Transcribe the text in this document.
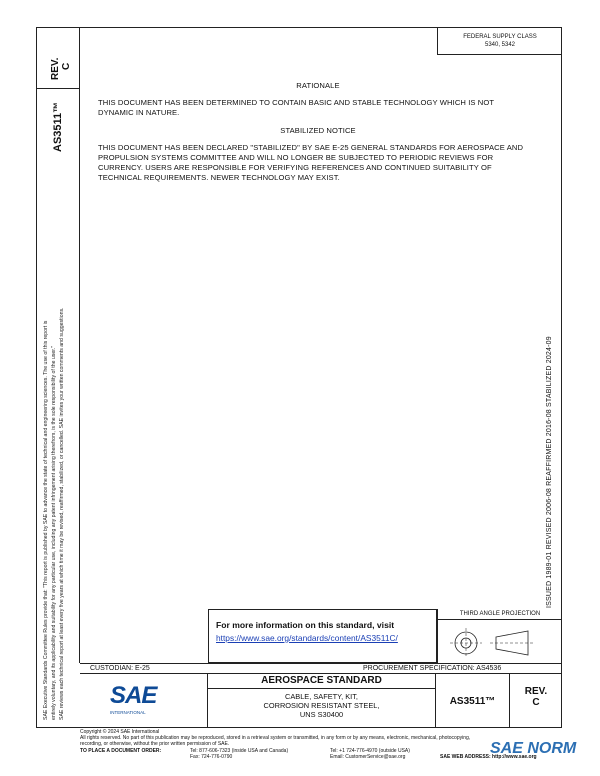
REV.
C
AS3511™
FEDERAL SUPPLY CLASS
5340, 5342
RATIONALE
THIS DOCUMENT HAS BEEN DETERMINED TO CONTAIN BASIC AND STABLE TECHNOLOGY WHICH IS NOT
DYNAMIC IN NATURE.
STABILIZED NOTICE
THIS DOCUMENT HAS BEEN DECLARED "STABILIZED" BY SAE E-25 GENERAL STANDARDS FOR AEROSPACE AND
PROPULSION SYSTEMS COMMITTEE AND WILL NO LONGER BE SUBJECTED TO PERIODIC REVIEWS FOR
CURRENCY. USERS ARE RESPONSIBLE FOR VERIFYING REFERENCES AND CONTINUED SUITABILITY OF
TECHNICAL REQUIREMENTS. NEWER TECHNOLOGY MAY EXIST.
SAE Executive Standards Committee Rules provide that: "This report is published by SAE to advance the state of technical and engineering sciences. The use of this report is entirely voluntary, and its applicability and suitability for any particular use, including any patent infringement arising therefrom, is the sole responsibility of the user." SAE reviews each technical report at least every five years at which time it may be revised, reaffirmed, stabilized, or cancelled. SAE invites your written comments and suggestions.	ISSUED 1989-01 REVISED 2006-08 REAFFIRMED 2016-08 STABILIZED 2024-09
For more information on this standard, visit
https://www.sae.org/standards/content/AS3511C/
THIRD ANGLE PROJECTION
CUSTODIAN: E-25	PROCUREMENT SPECIFICATION: AS4536
SAE
INTERNATIONAL
AEROSPACE STANDARD
CABLE, SAFETY, KIT,
CORROSION RESISTANT STEEL,
UNS S30400
AS3511™
REV.
C
Copyright © 2024 SAE International
All rights reserved. No part of this publication may be reproduced, stored in a retrieval system or transmitted, in any form or by any means, electronic, mechanical, photocopying,
recording, or otherwise, without the prior written permission of SAE.
TO PLACE A DOCUMENT ORDER:	Tel: 877-606-7323 (inside USA and Canada)	Tel: +1 724-776-4970 (outside USA)
Fax: 724-776-0790	Email: CustomerService@sae.org	SAE WEB ADDRESS: http://www.sae.org
SAE NORM
